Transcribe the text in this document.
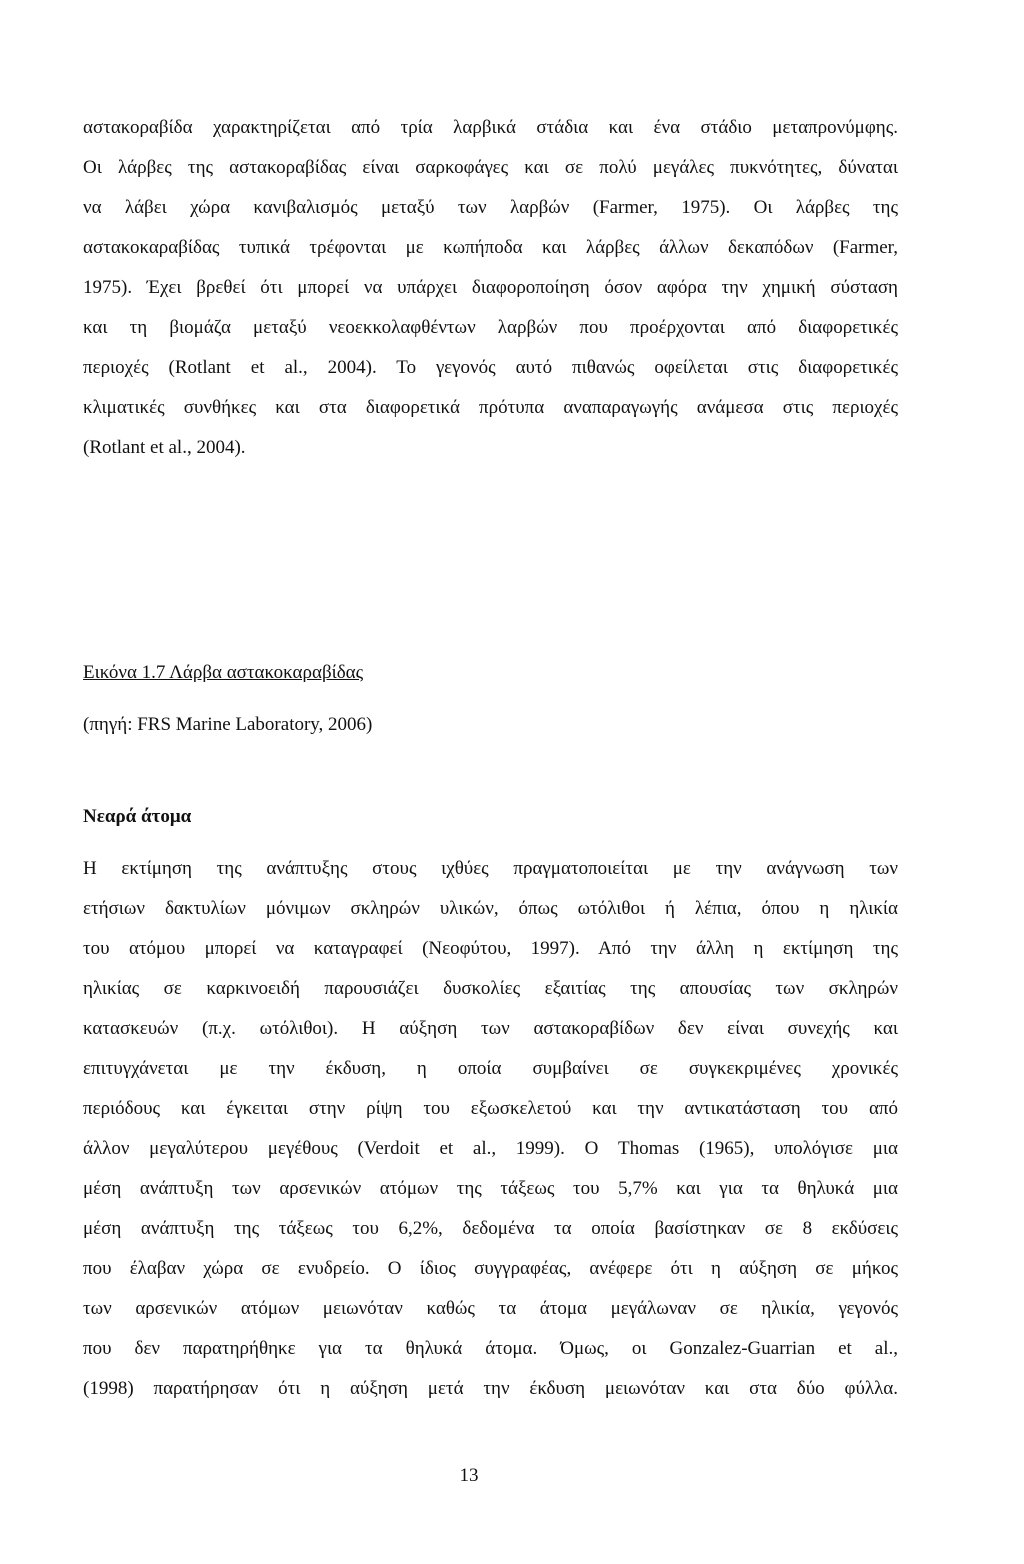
αστακοραβίδα χαρακτηρίζεται από τρία λαρβικά στάδια και ένα στάδιο μεταπρονύμφης.
Οι λάρβες της αστακοραβίδας είναι σαρκοφάγες και σε πολύ μεγάλες πυκνότητες, δύναται
να λάβει χώρα κανιβαλισμός μεταξύ των λαρβών (Farmer, 1975). Οι λάρβες της
αστακοκαραβίδας τυπικά τρέφονται με κωπήποδα και λάρβες άλλων δεκαπόδων (Farmer,
1975). Έχει βρεθεί ότι μπορεί να υπάρχει διαφοροποίηση όσον αφόρα την χημική σύσταση
και τη βιομάζα μεταξύ νεοεκκολαφθέντων λαρβών που προέρχονται από διαφορετικές
περιοχές (Rotlant et al., 2004). Το γεγονός αυτό πιθανώς οφείλεται στις διαφορετικές
κλιματικές συνθήκες και στα διαφορετικά πρότυπα αναπαραγωγής ανάμεσα στις περιοχές
(Rotlant et al., 2004).

Εικόνα 1.7 Λάρβα αστακοκαραβίδας

(πηγή: FRS Marine Laboratory, 2006)

Νεαρά άτομα

Η εκτίμηση της ανάπτυξης στους ιχθύες πραγματοποιείται με την ανάγνωση των
ετήσιων δακτυλίων μόνιμων σκληρών υλικών, όπως ωτόλιθοι ή λέπια, όπου η ηλικία
του ατόμου μπορεί να καταγραφεί (Νεοφύτου, 1997). Από την άλλη η εκτίμηση της
ηλικίας σε καρκινοειδή παρουσιάζει δυσκολίες εξαιτίας της απουσίας των σκληρών
κατασκευών (π.χ. ωτόλιθοι). Η αύξηση των αστακοραβίδων δεν είναι συνεχής και
επιτυγχάνεται με την έκδυση, η οποία συμβαίνει σε συγκεκριμένες χρονικές
περιόδους και έγκειται στην ρίψη του εξωσκελετού και την αντικατάσταση του από
άλλον μεγαλύτερου μεγέθους (Verdoit et al., 1999). Ο Thomas (1965), υπολόγισε μια
μέση ανάπτυξη των αρσενικών ατόμων της τάξεως του 5,7% και για τα θηλυκά μια
μέση ανάπτυξη της τάξεως του 6,2%, δεδομένα τα οποία βασίστηκαν σε 8 εκδύσεις
που έλαβαν χώρα σε ενυδρείο. Ο ίδιος συγγραφέας, ανέφερε ότι η αύξηση σε μήκος
των αρσενικών ατόμων μειωνόταν καθώς τα άτομα μεγάλωναν σε ηλικία, γεγονός
που δεν παρατηρήθηκε για τα θηλυκά άτομα. Όμως, οι Gonzalez-Guarrian et al.,
(1998) παρατήρησαν ότι η αύξηση μετά την έκδυση μειωνόταν και στα δύο φύλλα.

13
